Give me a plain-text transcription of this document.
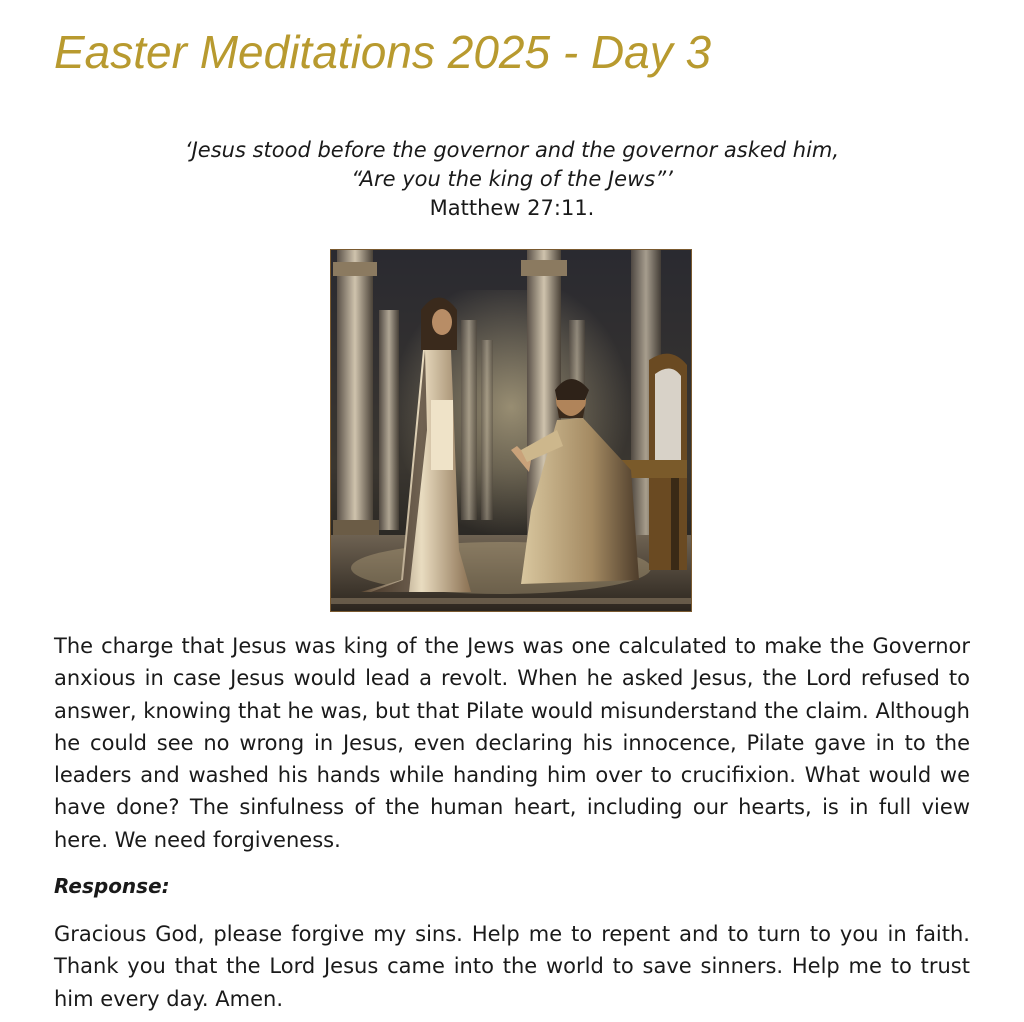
Easter Meditations 2025 - Day 3
‘Jesus stood before the governor and the governor asked him,
“Are you the king of the Jews”’
Matthew 27:11.

The charge that Jesus was king of the Jews was one calculated to make the Governor anxious in case Jesus would lead a revolt. When he asked Jesus, the Lord refused to answer, knowing that he was, but that Pilate would misunderstand the claim. Although he could see no wrong in Jesus, even declaring his innocence, Pilate gave in to the leaders and washed his hands while handing him over to crucifixion. What would we have done? The sinfulness of the human heart, including our hearts, is in full view here. We need forgiveness.

Response:

Gracious God, please forgive my sins. Help me to repent and to turn to you in faith. Thank you that the Lord Jesus came into the world to save sinners. Help me to trust him every day. Amen.
